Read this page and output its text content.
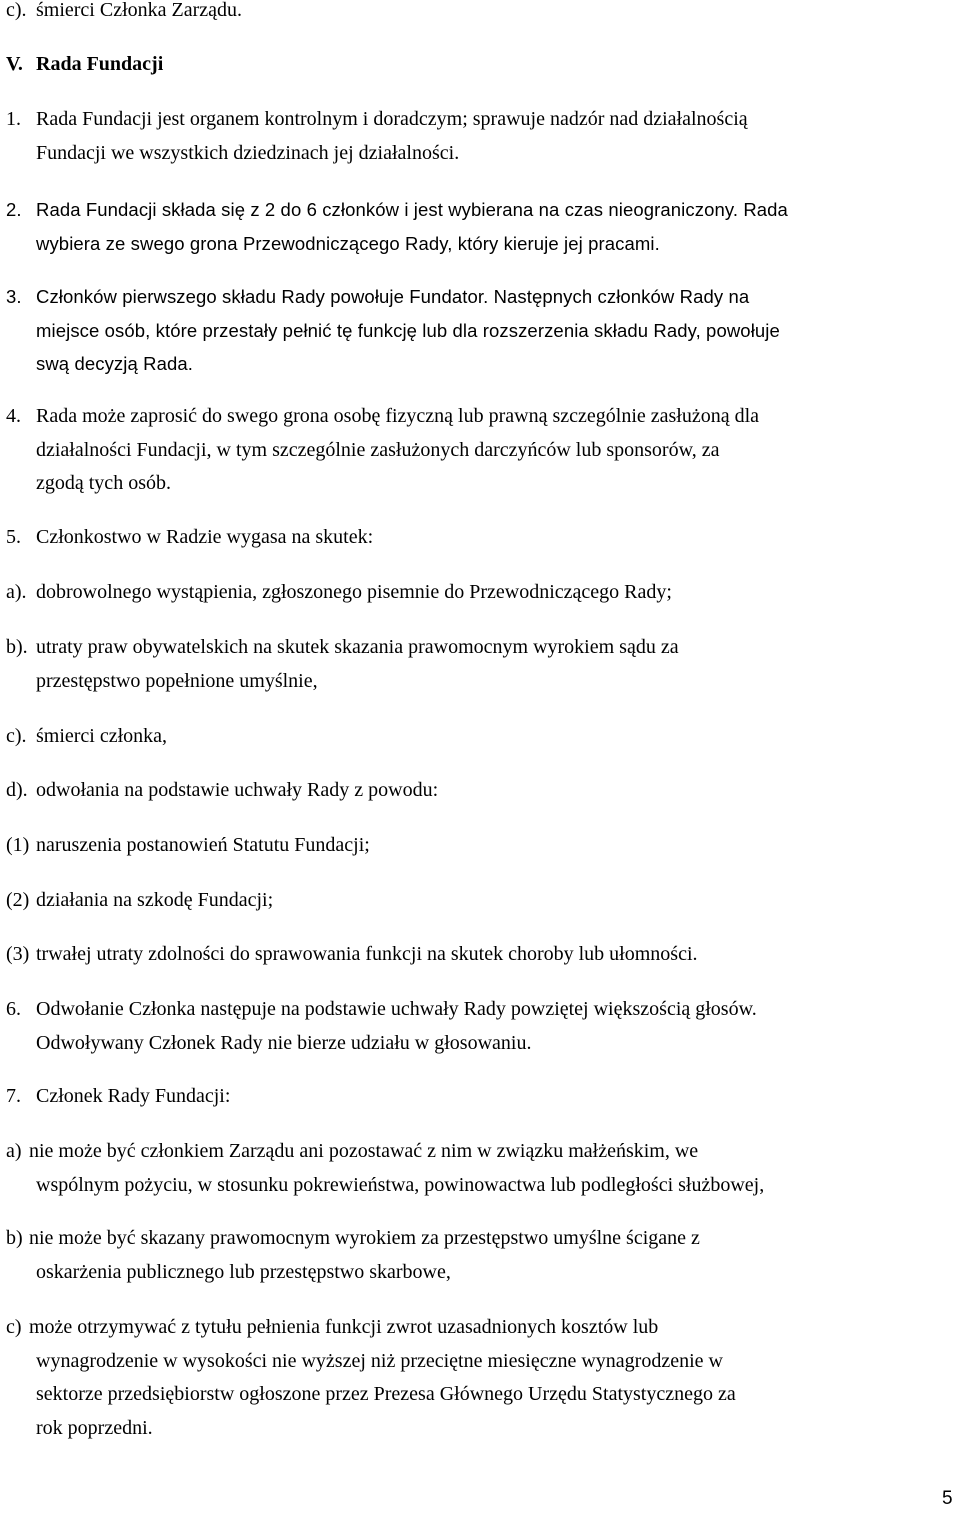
c). śmierci Członka Zarządu.
V. Rada Fundacji
1. Rada Fundacji jest organem kontrolnym i doradczym; sprawuje nadzór nad działalnością
Fundacji we wszystkich dziedzinach jej działalności.
2. Rada Fundacji składa się z 2 do 6 członków i jest wybierana na czas nieograniczony. Rada
wybiera ze swego grona Przewodniczącego Rady, który kieruje jej pracami.
3. Członków pierwszego składu Rady powołuje Fundator. Następnych członków Rady na
miejsce osób, które przestały pełnić tę funkcję lub dla rozszerzenia składu Rady, powołuje
swą decyzją Rada.
4. Rada może zaprosić do swego grona osobę fizyczną lub prawną szczególnie zasłużoną dla
działalności Fundacji, w tym szczególnie zasłużonych darczyńców lub sponsorów, za
zgodą tych osób.
5. Członkostwo w Radzie wygasa na skutek:
a). dobrowolnego wystąpienia, zgłoszonego pisemnie do Przewodniczącego Rady;
b). utraty praw obywatelskich na skutek skazania prawomocnym wyrokiem sądu za
przestępstwo popełnione umyślnie,
c). śmierci członka,
d). odwołania na podstawie uchwały Rady z powodu:
(1) naruszenia postanowień Statutu Fundacji;
(2) działania na szkodę Fundacji;
(3) trwałej utraty zdolności do sprawowania funkcji na skutek choroby lub ułomności.
6. Odwołanie Członka następuje na podstawie uchwały Rady powziętej większością głosów.
Odwoływany Członek Rady nie bierze udziału w głosowaniu.
7. Członek Rady Fundacji:
a) nie może być członkiem Zarządu ani pozostawać z nim w związku małżeńskim, we
wspólnym pożyciu, w stosunku pokrewieństwa, powinowactwa lub podległości służbowej,
b) nie może być skazany prawomocnym wyrokiem za przestępstwo umyślne ścigane z
oskarżenia publicznego lub przestępstwo skarbowe,
c) może otrzymywać z tytułu pełnienia funkcji zwrot uzasadnionych kosztów lub
wynagrodzenie w wysokości nie wyższej niż przeciętne miesięczne wynagrodzenie w
sektorze przedsiębiorstw ogłoszone przez Prezesa Głównego Urzędu Statystycznego za
rok poprzedni.
5
